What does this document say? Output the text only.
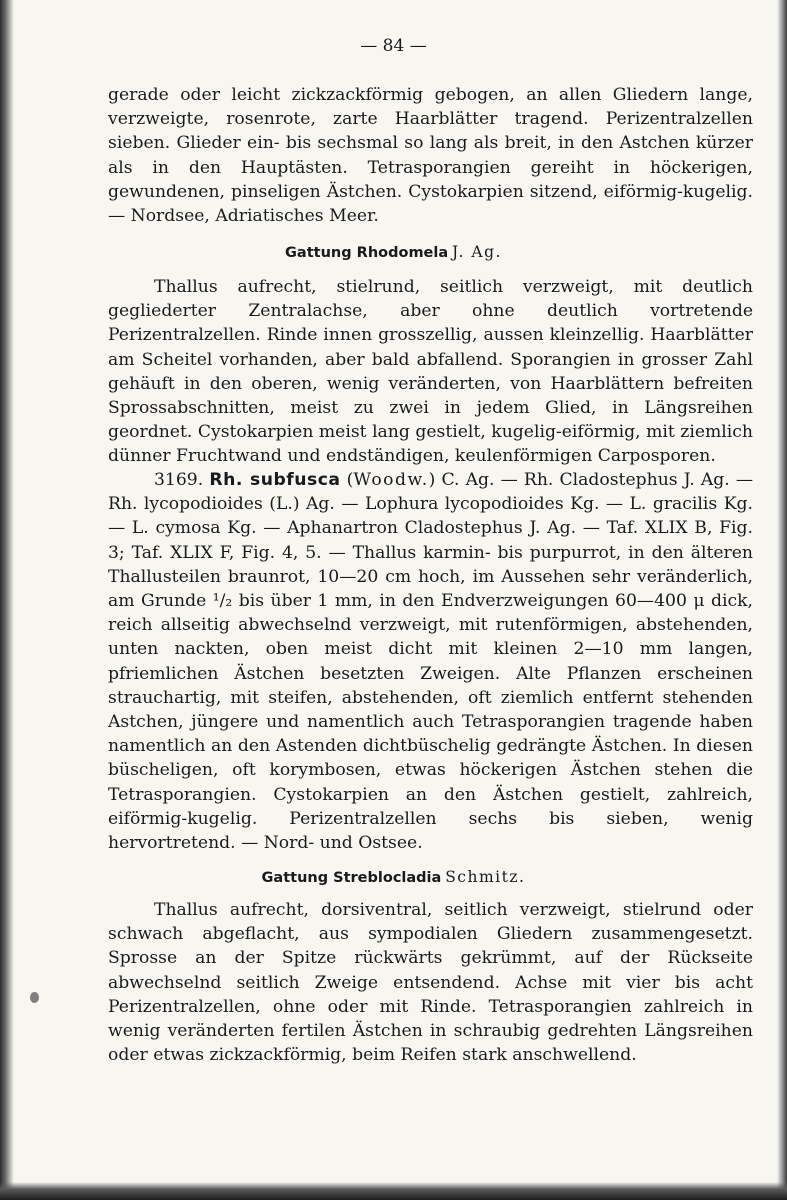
— 84 —

gerade oder leicht zickzackförmig gebogen, an allen Gliedern lange, verzweigte, rosenrote, zarte Haarblätter tragend. Perizentralzellen sieben. Glieder ein- bis sechsmal so lang als breit, in den Astchen kürzer als in den Hauptästen. Tetrasporangien gereiht in höckerigen, gewundenen, pinseligen Ästchen. Cystokarpien sitzend, eiförmig-kugelig. — Nordsee, Adriatisches Meer.

Gattung Rhodomela J. Ag.

Thallus aufrecht, stielrund, seitlich verzweigt, mit deutlich gegliederter Zentralachse, aber ohne deutlich vortretende Perizentralzellen. Rinde innen grosszellig, aussen kleinzellig. Haarblätter am Scheitel vorhanden, aber bald abfallend. Sporangien in grosser Zahl gehäuft in den oberen, wenig veränderten, von Haarblättern befreiten Sprossabschnitten, meist zu zwei in jedem Glied, in Längsreihen geordnet. Cystokarpien meist lang gestielt, kugelig-eiförmig, mit ziemlich dünner Fruchtwand und endständigen, keulenförmigen Carposporen.

3169. Rh. subfusca (Woodw.) C. Ag. — Rh. Cladostephus J. Ag. — Rh. lycopodioides (L.) Ag. — Lophura lycopodioides Kg. — L. gracilis Kg. — L. cymosa Kg. — Aphanartron Cladostephus J. Ag. — Taf. XLIX B, Fig. 3; Taf. XLIX F, Fig. 4, 5. — Thallus karmin- bis purpurrot, in den älteren Thallusteilen braunrot, 10—20 cm hoch, im Aussehen sehr veränderlich, am Grunde ¹/₂ bis über 1 mm, in den Endverzweigungen 60—400 μ dick, reich allseitig abwechselnd verzweigt, mit rutenförmigen, abstehenden, unten nackten, oben meist dicht mit kleinen 2—10 mm langen, pfriemlichen Ästchen besetzten Zweigen. Alte Pflanzen erscheinen strauchartig, mit steifen, abstehenden, oft ziemlich entfernt stehenden Astchen, jüngere und namentlich auch Tetrasporangien tragende haben namentlich an den Astenden dichtbüschelig gedrängte Ästchen. In diesen büscheligen, oft korymbosen, etwas höckerigen Ästchen stehen die Tetrasporangien. Cystokarpien an den Ästchen gestielt, zahlreich, eiförmig-kugelig. Perizentralzellen sechs bis sieben, wenig hervortretend. — Nord- und Ostsee.

Gattung Streblocladia Schmitz.

Thallus aufrecht, dorsiventral, seitlich verzweigt, stielrund oder schwach abgeflacht, aus sympodialen Gliedern zusammengesetzt. Sprosse an der Spitze rückwärts gekrümmt, auf der Rückseite abwechselnd seitlich Zweige entsendend. Achse mit vier bis acht Perizentralzellen, ohne oder mit Rinde. Tetrasporangien zahlreich in wenig veränderten fertilen Ästchen in schraubig gedrehten Längsreihen oder etwas zickzackförmig, beim Reifen stark anschwellend.
